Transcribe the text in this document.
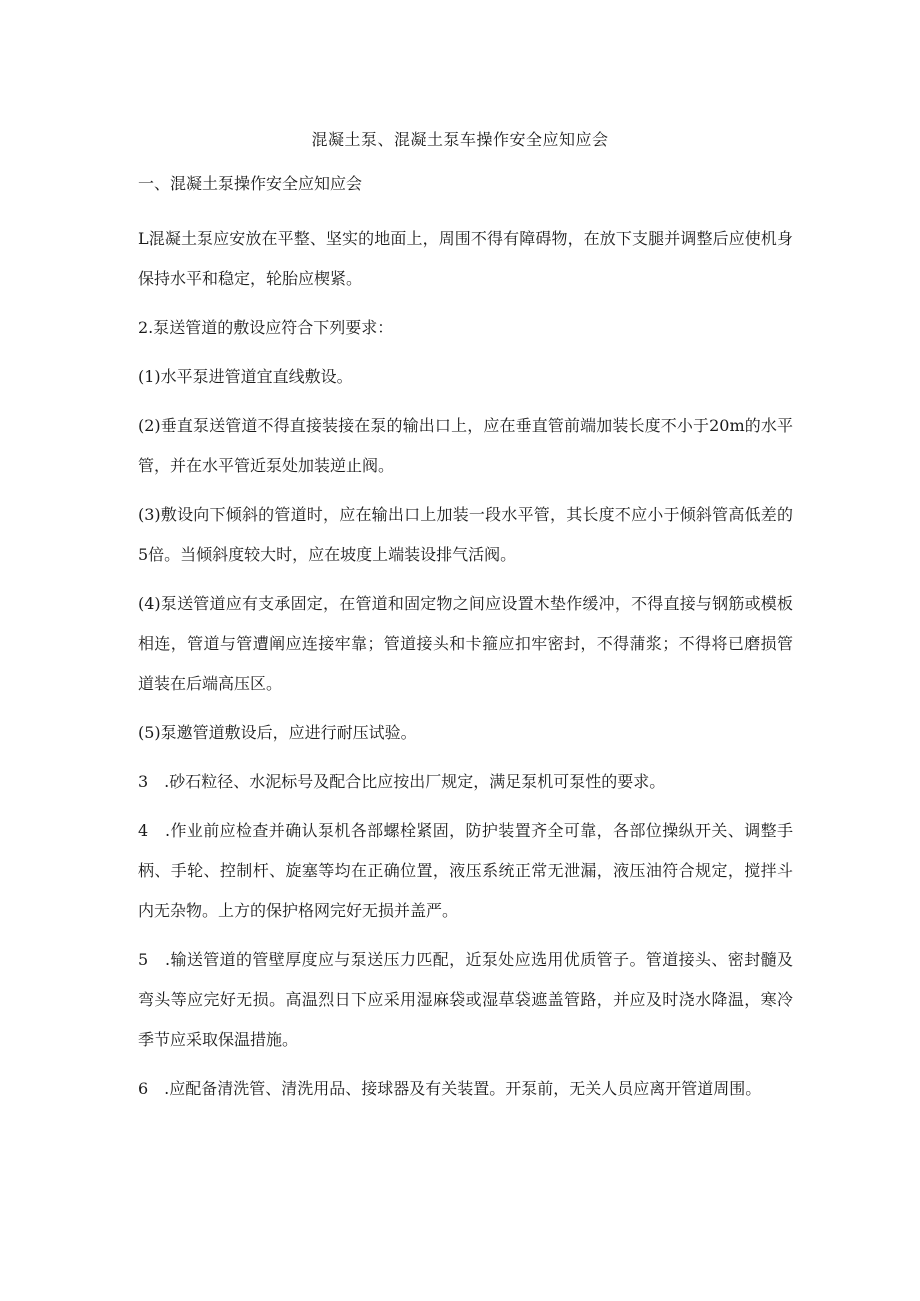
混凝土泵、混凝土泵车操作安全应知应会
一、混凝土泵操作安全应知应会

L混凝土泵应安放在平整、坚实的地面上，周围不得有障碍物，在放下支腿并调整后应使机身保持水平和稳定，轮胎应楔紧。

2.泵送管道的敷设应符合下列要求：

(1)水平泵进管道宜直线敷设。

(2)垂直泵送管道不得直接装接在泵的输出口上，应在垂直管前端加装长度不小于20m的水平管，并在水平管近泵处加装逆止阀。

(3)敷设向下倾斜的管道时，应在输出口上加装一段水平管，其长度不应小于倾斜管高低差的5倍。当倾斜度较大时，应在坡度上端装设排气活阀。

(4)泵送管道应有支承固定，在管道和固定物之间应设置木垫作缓冲，不得直接与钢筋或模板相连，管道与管遭阐应连接牢靠；管道接头和卡箍应扣牢密封，不得蒲浆；不得将已磨损管道装在后端高压区。

(5)泵邀管道敷设后，应进行耐压试验。

3　.砂石粒径、水泥标号及配合比应按出厂规定，满足泵机可泵性的要求。

4　.作业前应检查并确认泵机各部螺栓紧固，防护装置齐全可靠，各部位操纵开关、调整手柄、手轮、控制杆、旋塞等均在正确位置，液压系统正常无泄漏，液压油符合规定，搅拌斗内无杂物。上方的保护格网完好无损并盖严。

5　.输送管道的管壁厚度应与泵送压力匹配，近泵处应选用优质管子。管道接头、密封髓及弯头等应完好无损。高温烈日下应采用湿麻袋或湿草袋遮盖管路，并应及时浇水降温，寒冷季节应采取保温措施。

6　.应配备清洗管、清洗用品、接球器及有关装置。开泵前，无关人员应离开管道周围。
